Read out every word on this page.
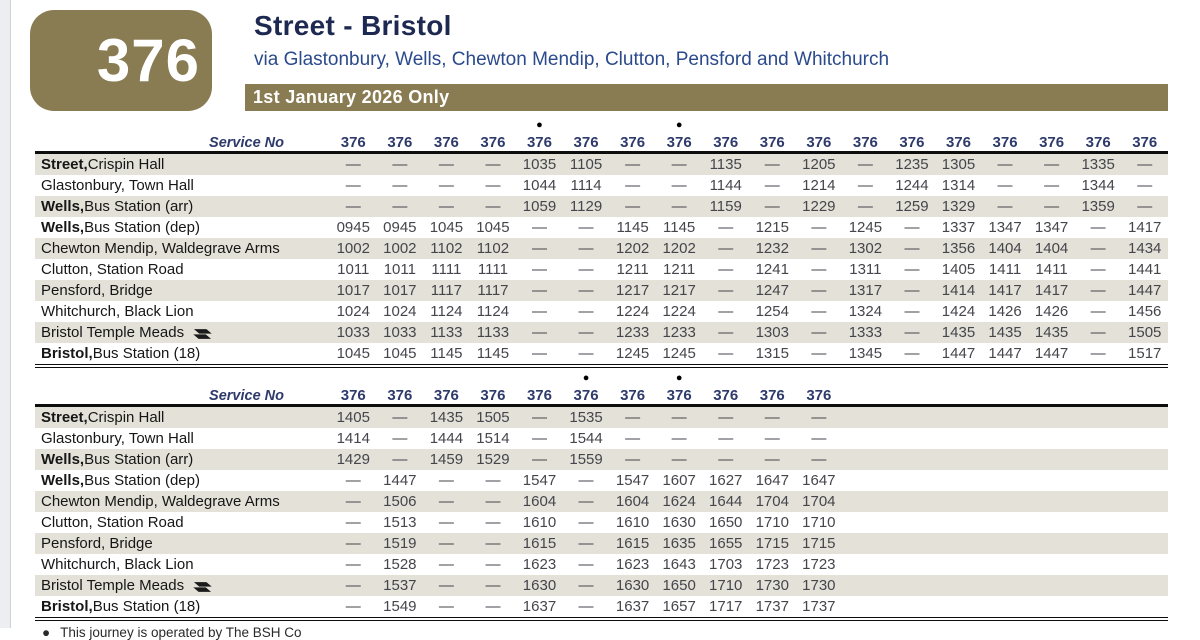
376
Street - Bristol
via Glastonbury, Wells, Chewton Mendip, Clutton, Pensford and Whitchurch
1st January 2026 Only
Service No	376 376 376 376
●
376 376 376
●
376 376 376 376 376 376 376 376 376 376 376
Street, Crispin Hall	—	—	—	—	1035 1105	—	—	1135	—	1205	—	1235 1305	—	—	1335	—
Glastonbury, Town Hall	—	—	—	—	1044 1114	—	—	1144	—	1214	—	1244 1314	—	—	1344	—
Wells, Bus Station (arr)	—	—	—	—	1059 1129	—	—	1159	—	1229	—	1259 1329	—	—	1359	—
Wells, Bus Station (dep)	0945 0945 1045 1045	—	—	1145 1145	—	1215	—	1245	—	1337 1347 1347	—	1417
Chewton Mendip, Waldegrave Arms	1002 1002 1102 1102	—	—	1202 1202	—	1232	—	1302	—	1356 1404 1404	—	1434
Clutton, Station Road	1011 1011	1111	1111	—	—	1211 1211	—	1241	—	1311	—	1405 1411 1411	—	1441
Pensford, Bridge	1017 1017 1117	1117	—	—	1217 1217	—	1247	—	1317	—	1414 1417 1417	—	1447
Whitchurch, Black Lion	1024 1024 1124 1124	—	—	1224 1224	—	1254	—	1324	—	1424 1426 1426	—	1456
Bristol Temple Meads	1033 1033 1133 1133	—	—	1233 1233	—	1303	—	1333	—	1435 1435 1435	—	1505
Bristol, Bus Station (18)	1045 1045 1145 1145	—	—	1245 1245	—	1315	—	1345	—	1447 1447 1447	—	1517
Service No	376 376 376 376 376
●
376 376
●
376 376 376 376
Street, Crispin Hall	1405	—	1435 1505	—	1535	—	—	—	—	—
Glastonbury, Town Hall	1414	—	1444 1514	—	1544	—	—	—	—	—
Wells, Bus Station (arr)	1429	—	1459 1529	—	1559	—	—	—	—	—
Wells, Bus Station (dep)	—	1447	—	—	1547	—	1547 1607 1627 1647 1647
Chewton Mendip, Waldegrave Arms	—	1506	—	—	1604	—	1604 1624 1644 1704 1704
Clutton, Station Road	—	1513	—	—	1610	—	1610 1630 1650 1710 1710
Pensford, Bridge	—	1519	—	—	1615	—	1615 1635 1655 1715 1715
Whitchurch, Black Lion	—	1528	—	—	1623	—	1623 1643 1703 1723 1723
Bristol Temple Meads	—	1537	—	—	1630	—	1630 1650 1710 1730 1730
Bristol, Bus Station (18)	—	1549	—	—	1637	—	1637 1657 1717 1737 1737
● This journey is operated by The BSH Co
